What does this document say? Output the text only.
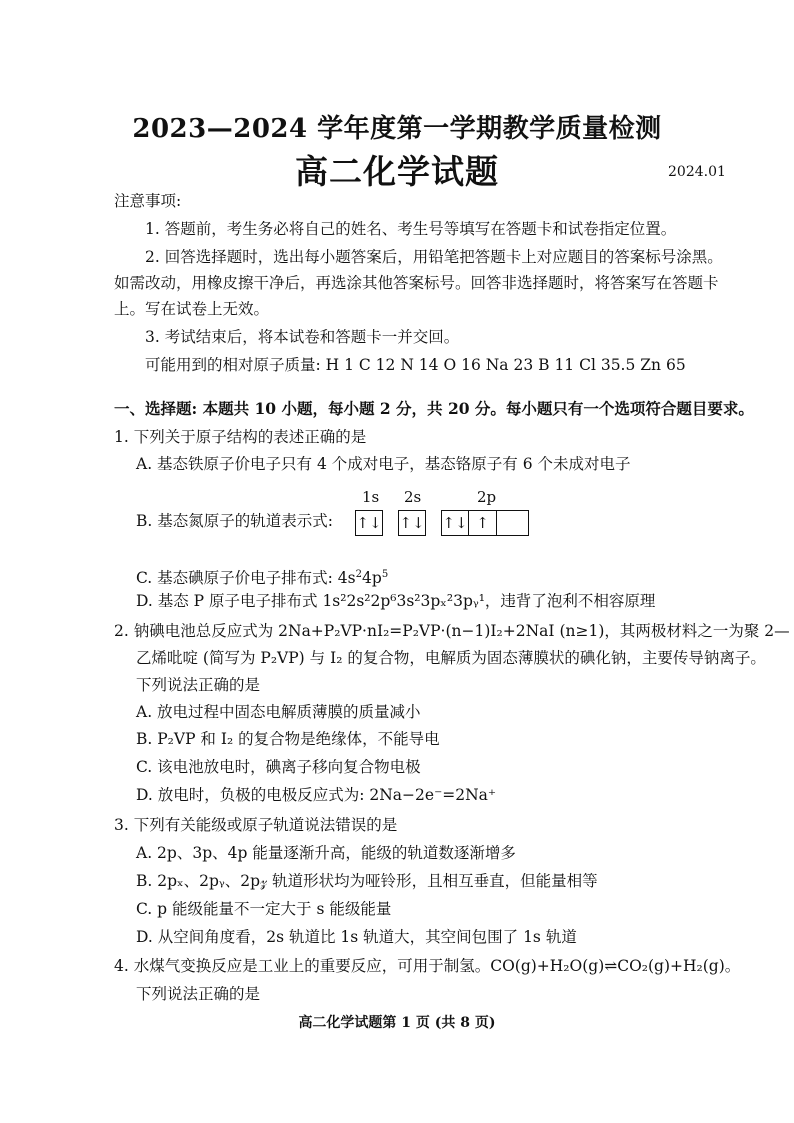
2023—2024 学年度第一学期教学质量检测
高二化学试题	2024.01
注意事项:
1. 答题前，考生务必将自己的姓名、考生号等填写在答题卡和试卷指定位置。
2. 回答选择题时，选出每小题答案后，用铅笔把答题卡上对应题目的答案标号涂黑。
如需改动，用橡皮擦干净后，再选涂其他答案标号。回答非选择题时，将答案写在答题卡
上。写在试卷上无效。
3. 考试结束后，将本试卷和答题卡一并交回。
可能用到的相对原子质量: H 1 C 12 N 14 O 16 Na 23 B 11 Cl 35.5 Zn 65
一、选择题: 本题共 10 小题，每小题 2 分，共 20 分。每小题只有一个选项符合题目要求。
1. 下列关于原子结构的表述正确的是
A. 基态铁原子价电子只有 4 个成对电子，基态铬原子有 6 个未成对电子
1s 2s	2p
B. 基态氮原子的轨道表示式: ↑↓ ↑↓ ↑↓ ↑
C. 基态碘原子价电子排布式: $4s^24p^5$
D. 基态 P 原子电子排布式 1s²2s²2p⁶3s²3pₓ²3pᵧ¹，违背了泡利不相容原理
2. 钠碘电池总反应式为 2Na+P₂VP·nI₂=P₂VP·(n−1)I₂+2NaI (n≥1)，其两极材料之一为聚 2—
乙烯吡啶 (简写为 P₂VP) 与 I₂ 的复合物，电解质为固态薄膜状的碘化钠，主要传导钠离子。
下列说法正确的是
A. 放电过程中固态电解质薄膜的质量减小
B. P₂VP 和 I₂ 的复合物是绝缘体，不能导电
C. 该电池放电时，碘离子移向复合物电极
D. 放电时，负极的电极反应式为: 2Na−2e⁻=2Na⁺
3. 下列有关能级或原子轨道说法错误的是
A. 2p、3p、4p 能量逐渐升高，能级的轨道数逐渐增多
B. 2pₓ、2pᵧ、2p𝓏 轨道形状均为哑铃形，且相互垂直，但能量相等
C. p 能级能量不一定大于 s 能级能量
D. 从空间角度看，2s 轨道比 1s 轨道大，其空间包围了 1s 轨道
4. 水煤气变换反应是工业上的重要反应，可用于制氢。CO(g)+H₂O(g)⇌CO₂(g)+H₂(g)。
下列说法正确的是
高二化学试题第 1 页 (共 8 页)
